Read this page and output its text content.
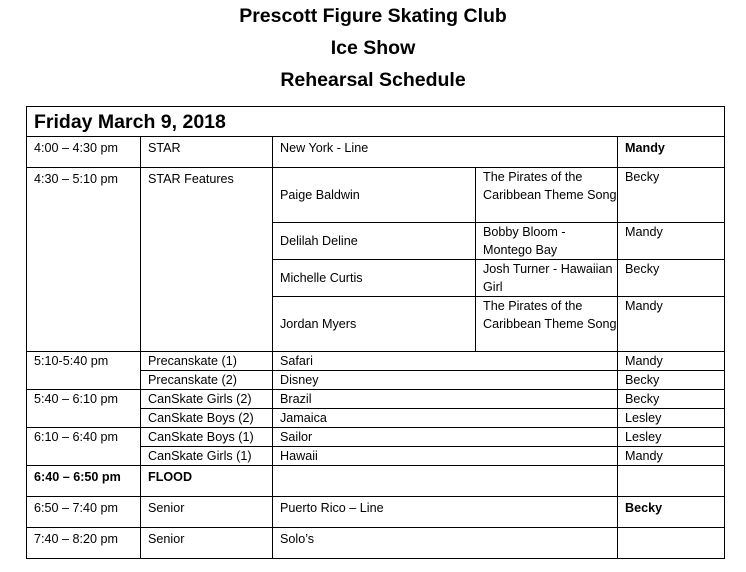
Prescott Figure Skating Club
Ice Show
Rehearsal Schedule
Friday March 9, 2018				
4:00 – 4:30 pm	STAR	New York - Line		Mandy
4:30 – 5:10 pm	STAR Features	Paige Baldwin	The Pirates of the Caribbean Theme Song	Becky
		Delilah Deline	Bobby Bloom - Montego Bay	Mandy
		Michelle Curtis	Josh Turner - Hawaiian Girl	Becky
		Jordan Myers	The Pirates of the Caribbean Theme Song	Mandy
5:10-5:40 pm	Precanskate (1)	Safari		Mandy
	Precanskate (2)	Disney		Becky
5:40 – 6:10 pm	CanSkate Girls (2)	Brazil		Becky
	CanSkate Boys (2)	Jamaica		Lesley
6:10 – 6:40 pm	CanSkate Boys (1)	Sailor		Lesley
	CanSkate Girls (1)	Hawaii		Mandy
6:40 – 6:50 pm	FLOOD			
6:50 – 7:40 pm	Senior	Puerto Rico – Line		Becky
7:40 – 8:20 pm	Senior	Solo’s		
